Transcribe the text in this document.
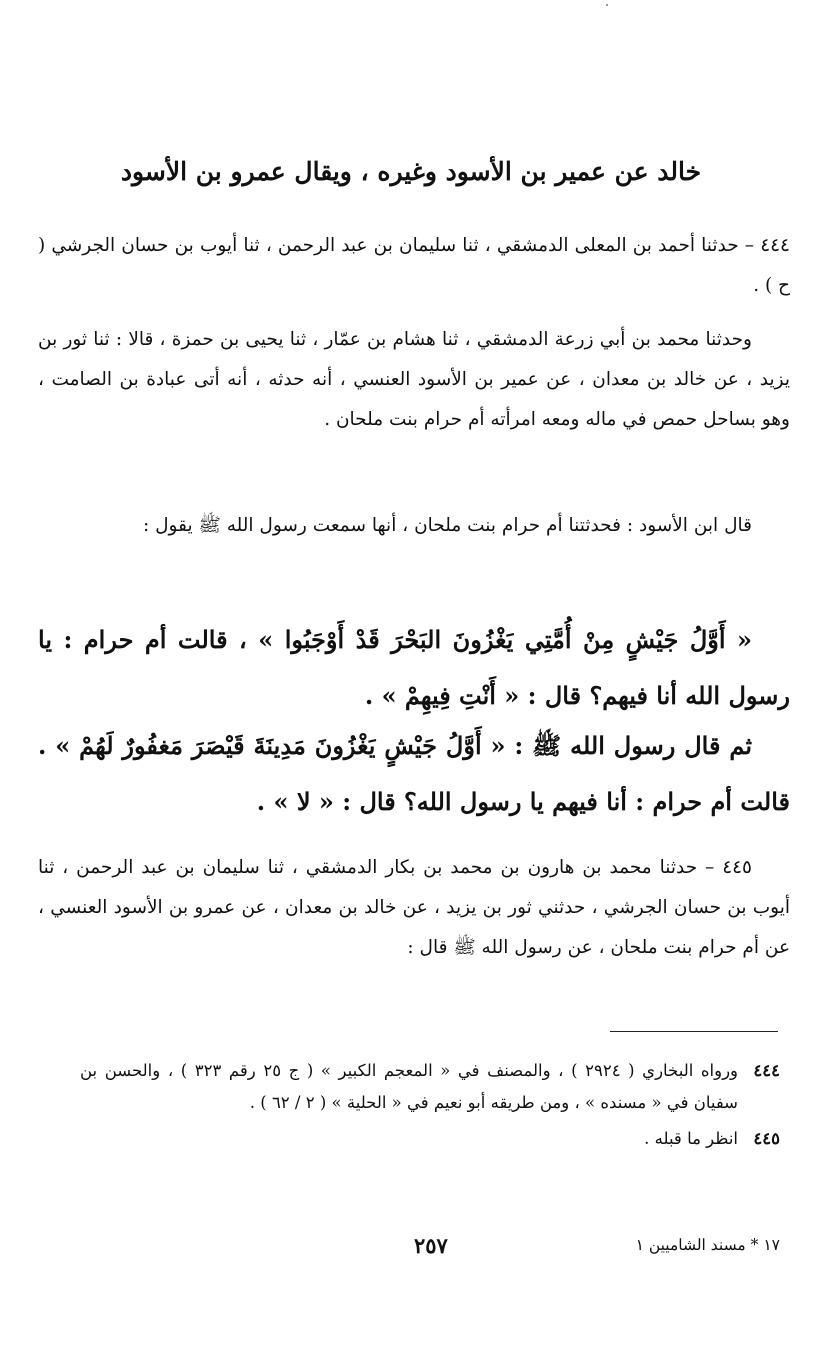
خالد عن عمير بن الأسود وغيره ، ويقال عمرو بن الأسود
٤٤٤ – حدثنا أحمد بن المعلى الدمشقي ، ثنا سليمان بن عبد الرحمن ، ثنا أيوب بن حسان الجرشي ( ح ) .
وحدثنا محمد بن أبي زرعة الدمشقي ، ثنا هشام بن عمّار ، ثنا يحيى بن حمزة ، قالا : ثنا ثور بن يزيد ، عن خالد بن معدان ، عن عمير بن الأسود العنسي ، أنه حدثه ، أنه أتى عبادة بن الصامت ، وهو بساحل حمص في ماله ومعه امرأته أم حرام بنت ملحان .
قال ابن الأسود : فحدثتنا أم حرام بنت ملحان ، أنها سمعت رسول الله ﷺ يقول :
« أَوَّلُ جَيْشٍ مِنْ أُمَّتِي يَغْزُونَ البَحْرَ قَدْ أَوْجَبُوا » ، قالت أم حرام : يا رسول الله أنا فيهم؟ قال : « أَنْتِ فِيهِمْ » .
ثم قال رسول الله ﷺ : « أَوَّلُ جَيْشٍ يَغْزُونَ مَدِينَةَ قَيْصَرَ مَغفُورٌ لَهُمْ » . قالت أم حرام : أنا فيهم يا رسول الله؟ قال : « لا » .
٤٤٥ – حدثنا محمد بن هارون بن محمد بن بكار الدمشقي ، ثنا سليمان بن عبد الرحمن ، ثنا أيوب بن حسان الجرشي ، حدثني ثور بن يزيد ، عن خالد بن معدان ، عن عمرو بن الأسود العنسي ، عن أم حرام بنت ملحان ، عن رسول الله ﷺ قال :
٤٤٤
ورواه البخاري ( ٢٩٢٤ ) ، والمصنف في « المعجم الكبير » ( ج ٢٥ رقم ٣٢٣ ) ، والحسن بن سفيان في « مسنده » ، ومن طريقه أبو نعيم في « الحلية » ( ٢ / ٦٢ ) .
٤٤٥
انظر ما قبله .
٢٥٧	١٧ * مسند الشاميين ١
